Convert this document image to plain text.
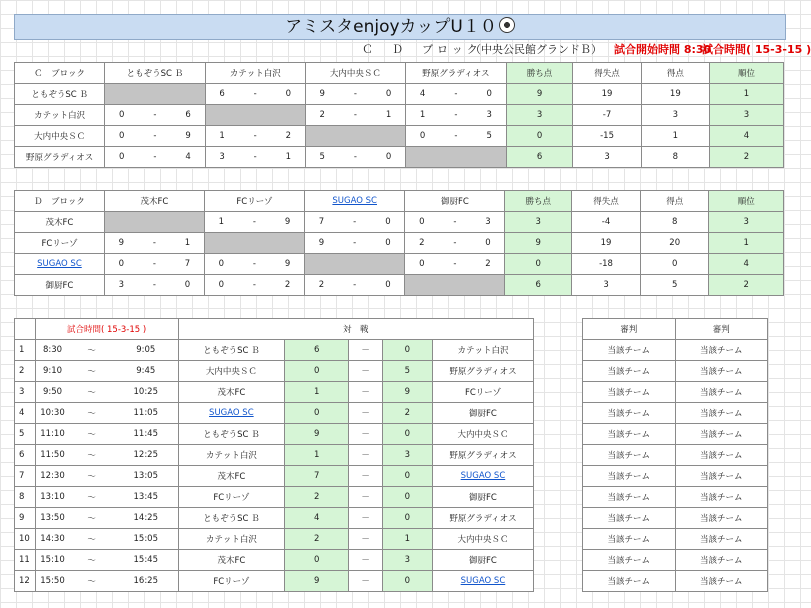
アミスタenjoyカップU１０
Ｃ　Ｄ　ブロック
（中央公民館グランドＢ） 試合開始時間 8:30
試合時間( 15-3-15 )
Ｃ　ブロック	ともぞうSC Ｂ			カテット白沢			大内中央ＳＣ			野原グラディオス			勝ち点	得失点	得点	順位
ともぞうSC Ｂ				6	-	0	9	-	0	4	-	0	9	19	19	1
カテット白沢	0	-	6				2	-	1	1	-	3	3	-7	3	3
大内中央ＳＣ	0	-	9	1	-	2				0	-	5	0	-15	1	4
野原グラディオス	0	-	4	3	-	1	5	-	0				6	3	8	2
Ｄ　ブロック	茂木FC			FCリーゾ			SUGAO SC			御厨FC			勝ち点	得失点	得点	順位
茂木FC				1	-	9	7	-	0	0	-	3	3	-4	8	3
FCリーゾ	9	-	1				9	-	0	2	-	0	9	19	20	1
SUGAO SC	0	-	7	0	-	9				0	-	2	0	-18	0	4
御厨FC	3	-	0	0	-	2	2	-	0				6	3	5	2
	試合時間( 15-3-15 )			対　戦				
1	8:30	～	9:05	ともぞうSC Ｂ	6	－	0	カテット白沢
2	9:10	～	9:45	大内中央ＳＣ	0	－	5	野原グラディオス
3	9:50	～	10:25	茂木FC	1	－	9	FCリーゾ
4	10:30	～	11:05	SUGAO SC	0	－	2	御厨FC
5	11:10	～	11:45	ともぞうSC Ｂ	9	－	0	大内中央ＳＣ
6	11:50	～	12:25	カテット白沢	1	－	3	野原グラディオス
7	12:30	～	13:05	茂木FC	7	－	0	SUGAO SC
8	13:10	～	13:45	FCリーゾ	2	－	0	御厨FC
9	13:50	～	14:25	ともぞうSC Ｂ	4	－	0	野原グラディオス
10	14:30	～	15:05	カテット白沢	2	－	1	大内中央ＳＣ
11	15:10	～	15:45	茂木FC	0	－	3	御厨FC
12	15:50	～	16:25	FCリーゾ	9	－	0	SUGAO SC
審判	審判
当該チーム	当該チーム
当該チーム	当該チーム
当該チーム	当該チーム
当該チーム	当該チーム
当該チーム	当該チーム
当該チーム	当該チーム
当該チーム	当該チーム
当該チーム	当該チーム
当該チーム	当該チーム
当該チーム	当該チーム
当該チーム	当該チーム
当該チーム	当該チーム
